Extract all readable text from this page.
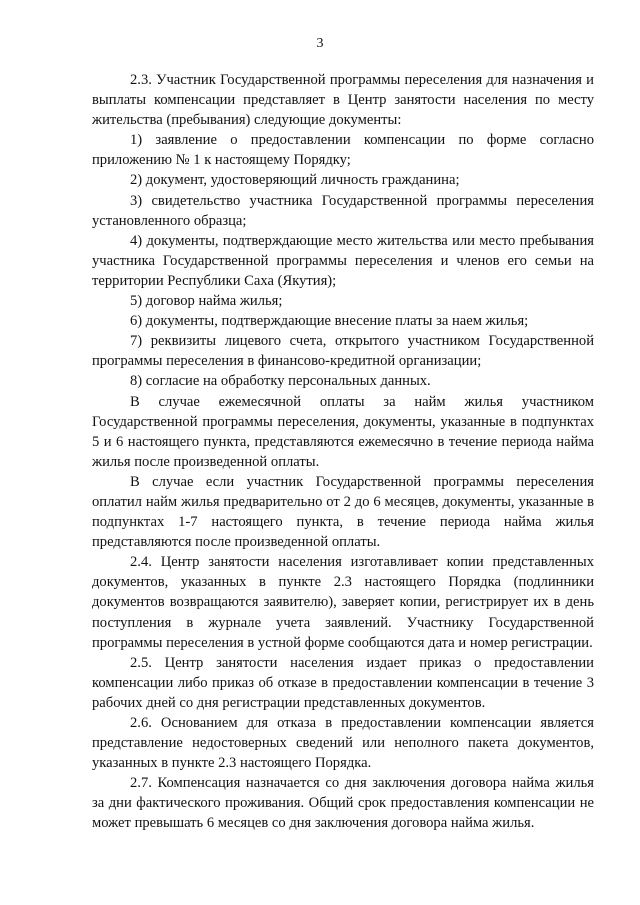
3

2.3. Участник Государственной программы переселения для назначения и выплаты компенсации представляет в Центр занятости населения по месту жительства (пребывания) следующие документы:

1) заявление о предоставлении компенсации по форме согласно приложению № 1 к настоящему Порядку;

2) документ, удостоверяющий личность гражданина;

3) свидетельство участника Государственной программы переселения установленного образца;

4) документы, подтверждающие место жительства или место пребывания участника Государственной программы переселения и членов его семьи на территории Республики Саха (Якутия);

5) договор найма жилья;

6) документы, подтверждающие внесение платы за наем жилья;

7) реквизиты лицевого счета, открытого участником Государственной программы переселения в финансово-кредитной организации;

8) согласие на обработку персональных данных.

В случае ежемесячной оплаты за найм жилья участником Государственной программы переселения, документы, указанные в подпунктах 5 и 6 настоящего пункта, представляются ежемесячно в течение периода найма жилья после произведенной оплаты.

В случае если участник Государственной программы переселения оплатил найм жилья предварительно от 2 до 6 месяцев, документы, указанные в подпунктах 1-7 настоящего пункта, в течение периода найма жилья представляются после произведенной оплаты.

2.4. Центр занятости населения изготавливает копии представленных документов, указанных в пункте 2.3 настоящего Порядка (подлинники документов возвращаются заявителю), заверяет копии, регистрирует их в день поступления в журнале учета заявлений. Участнику Государственной программы переселения в устной форме сообщаются дата и номер регистрации.

2.5. Центр занятости населения издает приказ о предоставлении компенсации либо приказ об отказе в предоставлении компенсации в течение 3 рабочих дней со дня регистрации представленных документов.

2.6. Основанием для отказа в предоставлении компенсации является представление недостоверных сведений или неполного пакета документов, указанных в пункте 2.3 настоящего Порядка.

2.7. Компенсация назначается со дня заключения договора найма жилья за дни фактического проживания. Общий срок предоставления компенсации не может превышать 6 месяцев со дня заключения договора найма жилья.
